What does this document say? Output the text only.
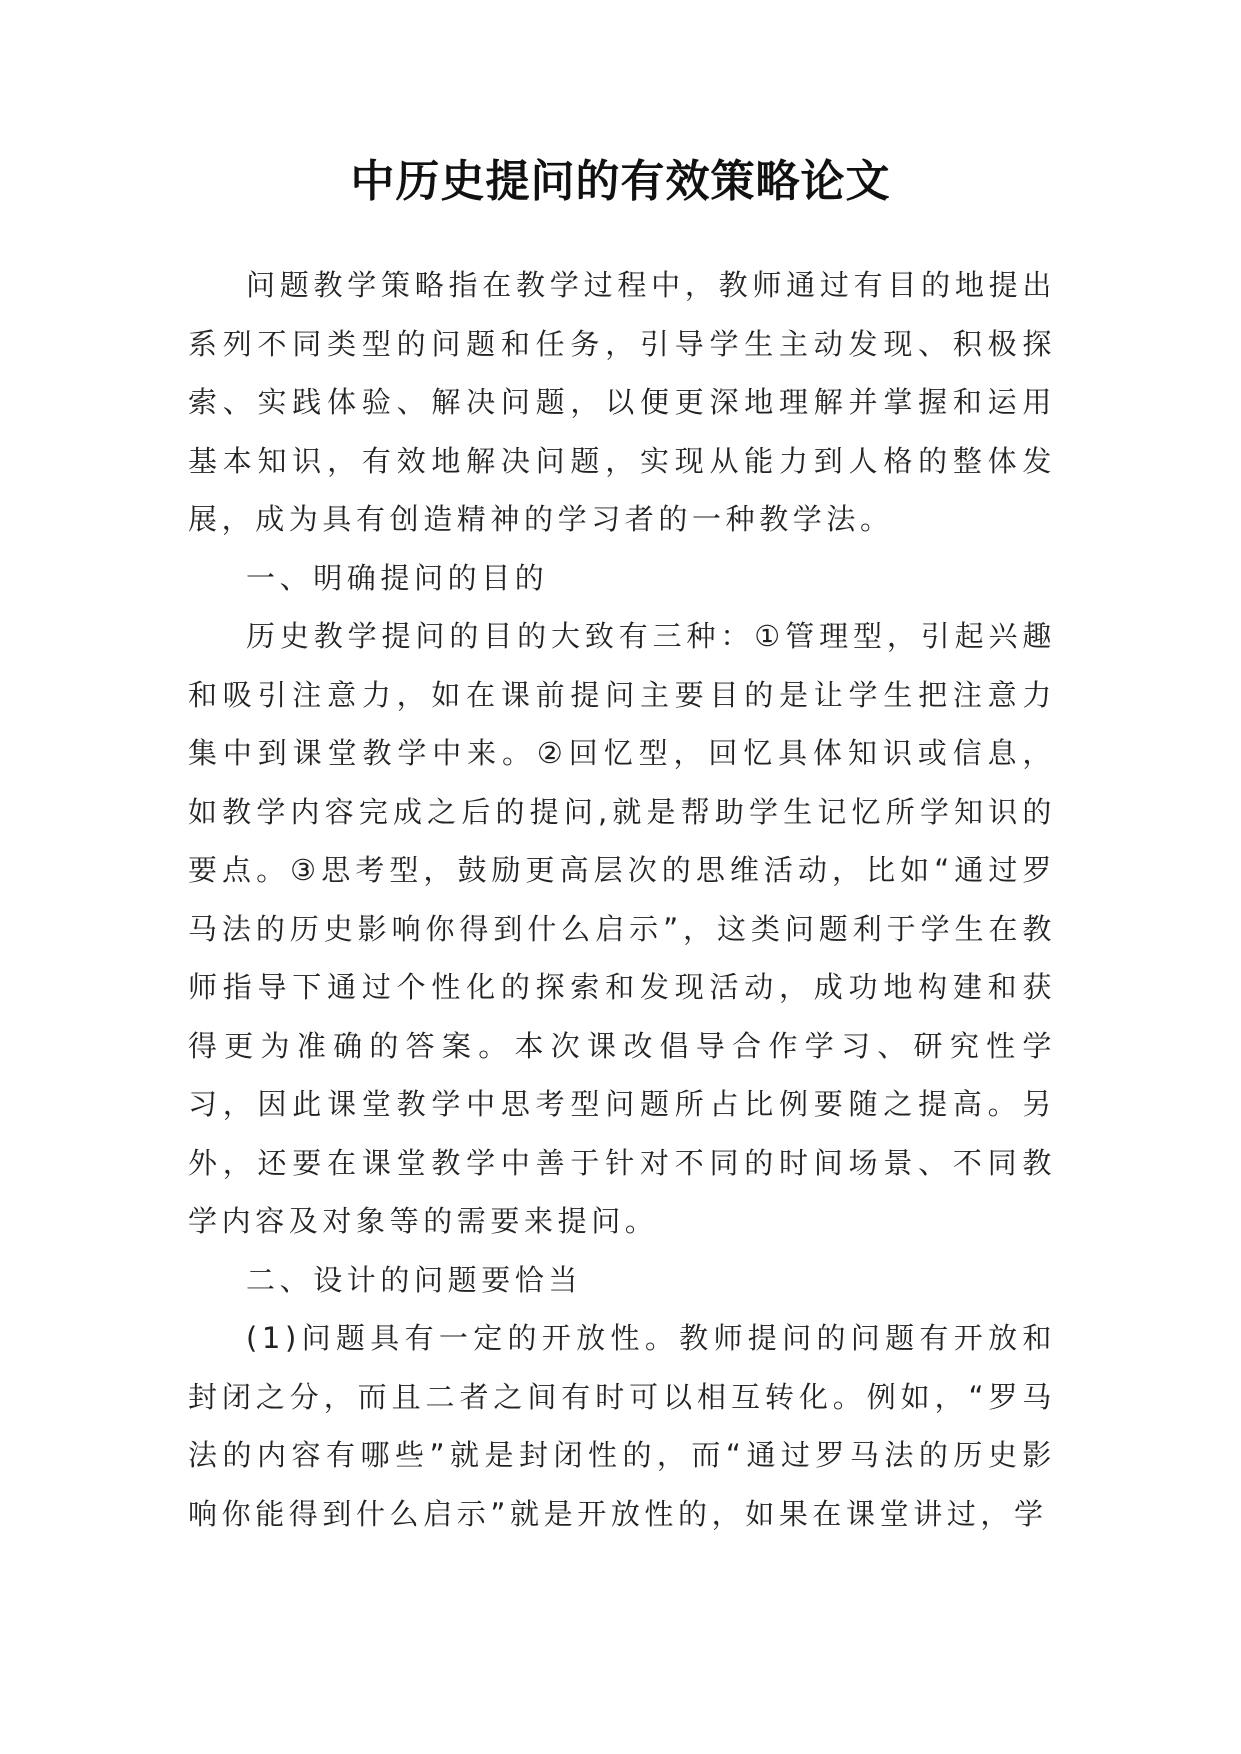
中历史提问的有效策略论文

问题教学策略指在教学过程中，教师通过有目的地提出系列不同类型的问题和任务，引导学生主动发现、积极探索、实践体验、解决问题，以便更深地理解并掌握和运用基本知识，有效地解决问题，实现从能力到人格的整体发展，成为具有创造精神的学习者的一种教学法。

一、明确提问的目的

历史教学提问的目的大致有三种：①管理型，引起兴趣和吸引注意力，如在课前提问主要目的是让学生把注意力集中到课堂教学中来。②回忆型，回忆具体知识或信息，如教学内容完成之后的提问,就是帮助学生记忆所学知识的要点。③思考型，鼓励更高层次的思维活动，比如“通过罗马法的历史影响你得到什么启示”，这类问题利于学生在教师指导下通过个性化的探索和发现活动，成功地构建和获得更为准确的答案。本次课改倡导合作学习、研究性学习，因此课堂教学中思考型问题所占比例要随之提高。另外，还要在课堂教学中善于针对不同的时间场景、不同教学内容及对象等的需要来提问。

二、设计的问题要恰当

(1)问题具有一定的开放性。教师提问的问题有开放和封闭之分，而且二者之间有时可以相互转化。例如，“罗马法的内容有哪些”就是封闭性的，而“通过罗马法的历史影响你能得到什么启示”就是开放性的，如果在课堂讲过，学
